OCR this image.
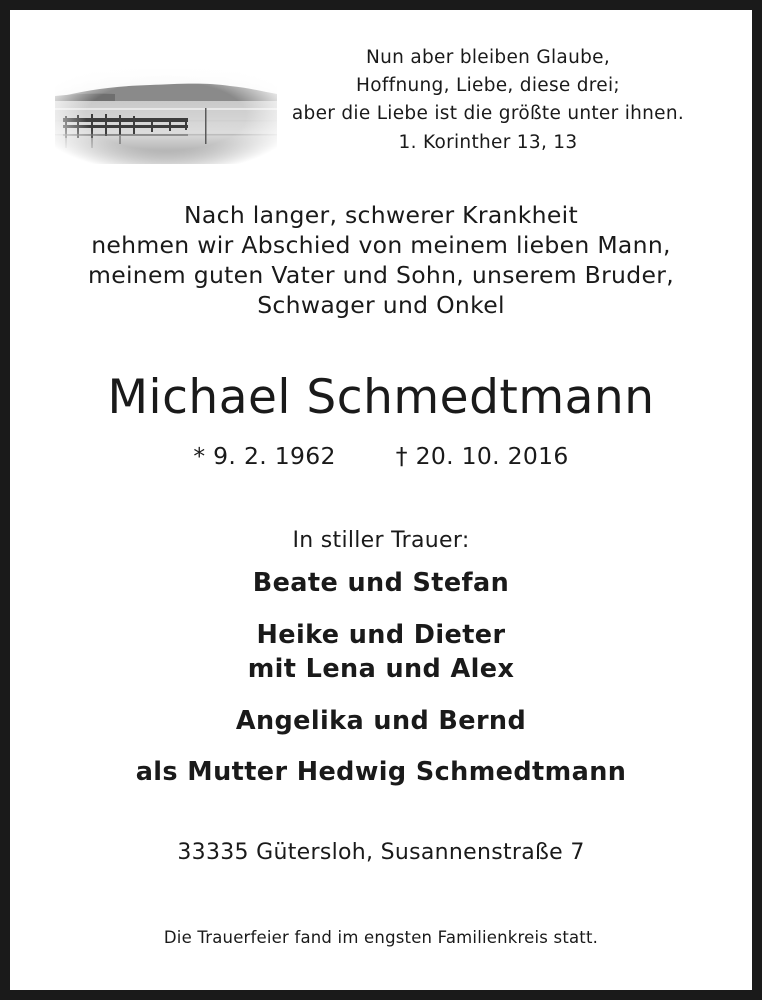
Nun aber bleiben Glaube,
Hoffnung, Liebe, diese drei;
aber die Liebe ist die größte unter ihnen.
1. Korinther 13, 13
Nach langer, schwerer Krankheit
nehmen wir Abschied von meinem lieben Mann,
meinem guten Vater und Sohn, unserem Bruder,
Schwager und Onkel
Michael Schmedtmann
* 9. 2. 1962	† 20. 10. 2016
In stiller Trauer:
Beate und Stefan
Heike und Dieter
mit Lena und Alex
Angelika und Bernd
als Mutter Hedwig Schmedtmann
33335 Gütersloh, Susannenstraße 7
Die Trauerfeier fand im engsten Familienkreis statt.
